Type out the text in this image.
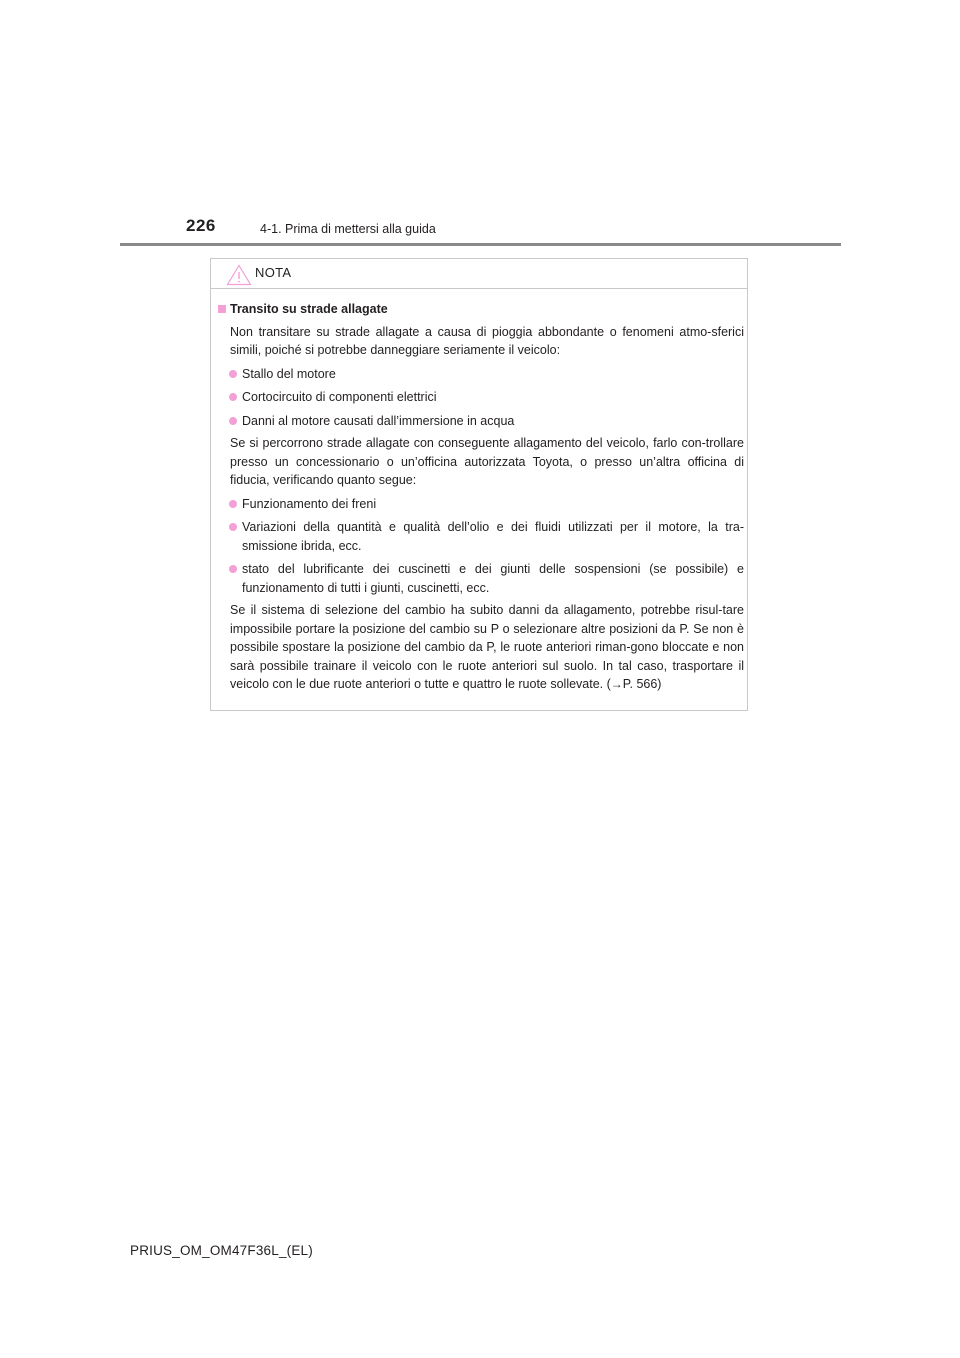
226	4-1. Prima di mettersi alla guida
NOTA
Transito su strade allagate
Non transitare su strade allagate a causa di pioggia abbondante o fenomeni atmo-sferici simili, poiché si potrebbe danneggiare seriamente il veicolo:
Stallo del motore
Cortocircuito di componenti elettrici
Danni al motore causati dall’immersione in acqua
Se si percorrono strade allagate con conseguente allagamento del veicolo, farlo con-trollare presso un concessionario o un’officina autorizzata Toyota, o presso un’altra officina di fiducia, verificando quanto segue:
Funzionamento dei freni
Variazioni della quantità e qualità dell’olio e dei fluidi utilizzati per il motore, la tra-smissione ibrida, ecc.
stato del lubrificante dei cuscinetti e dei giunti delle sospensioni (se possibile) e funzionamento di tutti i giunti, cuscinetti, ecc.
Se il sistema di selezione del cambio ha subito danni da allagamento, potrebbe risul-tare impossibile portare la posizione del cambio su P o selezionare altre posizioni da P. Se non è possibile spostare la posizione del cambio da P, le ruote anteriori riman-gono bloccate e non sarà possibile trainare il veicolo con le ruote anteriori sul suolo. In tal caso, trasportare il veicolo con le due ruote anteriori o tutte e quattro le ruote sollevate. (→P. 566)
PRIUS_OM_OM47F36L_(EL)
